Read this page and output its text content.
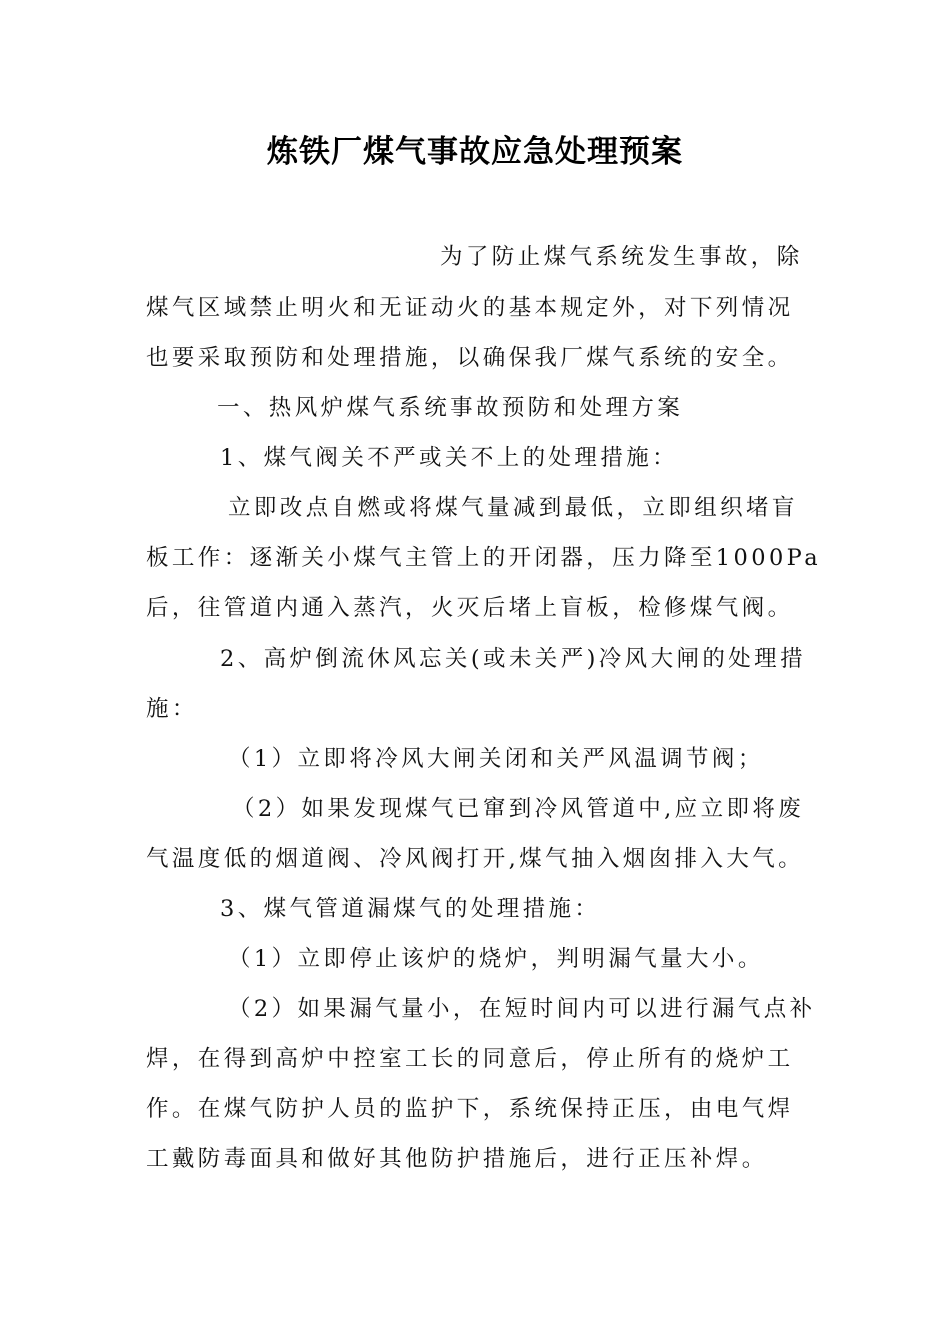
炼铁厂煤气事故应急处理预案
为了防止煤气系统发生事故，除
煤气区域禁止明火和无证动火的基本规定外，对下列情况
也要采取预防和处理措施，以确保我厂煤气系统的安全。
一、热风炉煤气系统事故预防和处理方案
1、煤气阀关不严或关不上的处理措施：
立即改点自燃或将煤气量减到最低，立即组织堵盲
板工作：逐渐关小煤气主管上的开闭器，压力降至1000Pa
后，往管道内通入蒸汽，火灭后堵上盲板，检修煤气阀。
2、高炉倒流休风忘关(或未关严)冷风大闸的处理措
施：
（1）立即将冷风大闸关闭和关严风温调节阀；
（2）如果发现煤气已窜到冷风管道中,应立即将废
气温度低的烟道阀、冷风阀打开,煤气抽入烟囱排入大气。
3、煤气管道漏煤气的处理措施：
（1）立即停止该炉的烧炉，判明漏气量大小。
（2）如果漏气量小，在短时间内可以进行漏气点补
焊，在得到高炉中控室工长的同意后，停止所有的烧炉工
作。在煤气防护人员的监护下，系统保持正压，由电气焊
工戴防毒面具和做好其他防护措施后，进行正压补焊。
